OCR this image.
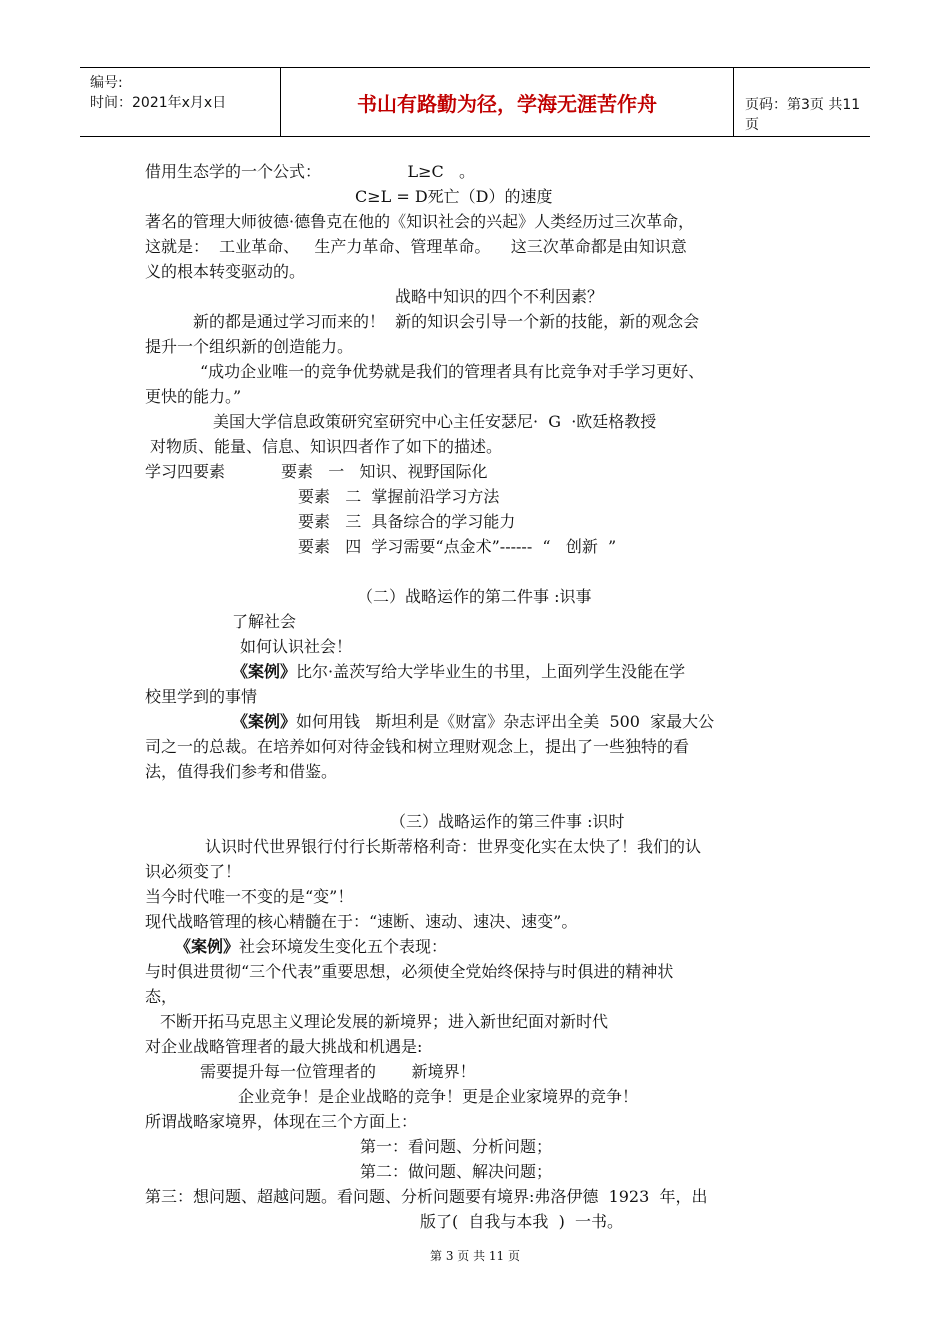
编号:
时间：2021年x月x日	书山有路勤为径，学海无涯苦作舟	页码：第3页 共11页
借用生态学的一个公式：                 L≥C   。
C≥L = D死亡（D）的速度
著名的管理大师彼德·德鲁克在他的《知识社会的兴起》人类经历过三次革命，
这就是：  工业革命、   生产力革命、管理革命。    这三次革命都是由知识意
义的根本转变驱动的。
战略中知识的四个不利因素？
新的都是通过学习而来的！  新的知识会引导一个新的技能，新的观念会
提升一个组织新的创造能力。
“成功企业唯一的竞争优势就是我们的管理者具有比竞争对手学习更好、
更快的能力。”
美国大学信息政策研究室研究中心主任安瑟尼·  G  ·欧廷格教授
对物质、能量、信息、知识四者作了如下的描述。
学习四要素           要素   一   知识、视野国际化
要素   二  掌握前沿学习方法
要素   三  具备综合的学习能力
要素   四  学习需要“点金术”------  “   创新  ”
（二）战略运作的第二件事 :识事
了解社会
如何认识社会！
《案例》比尔·盖茨写给大学毕业生的书里，上面列学生没能在学
校里学到的事情
《案例》如何用钱   斯坦利是《财富》杂志评出全美  500  家最大公
司之一的总裁。在培养如何对待金钱和树立理财观念上，提出了一些独特的看
法，值得我们参考和借鉴。
（三）战略运作的第三件事 :识时
认识时代世界银行付行长斯蒂格利奇：世界变化实在太快了！我们的认
识必须变了！
当今时代唯一不变的是“变”！
现代战略管理的核心精髓在于：“速断、速动、速决、速变”。
《案例》社会环境发生变化五个表现：
与时俱进贯彻“三个代表”重要思想，必须使全党始终保持与时俱进的精神状
态，
不断开拓马克思主义理论发展的新境界；进入新世纪面对新时代
对企业战略管理者的最大挑战和机遇是:
需要提升每一位管理者的       新境界！
企业竞争！是企业战略的竞争！更是企业家境界的竞争！
所谓战略家境界，体现在三个方面上：
第一：看问题、分析问题；
第二：做问题、解决问题；
第三：想问题、超越问题。看问题、分析问题要有境界:弗洛伊德  1923  年，出
版了(  自我与本我  )  一书。
第 3 页 共 11 页
